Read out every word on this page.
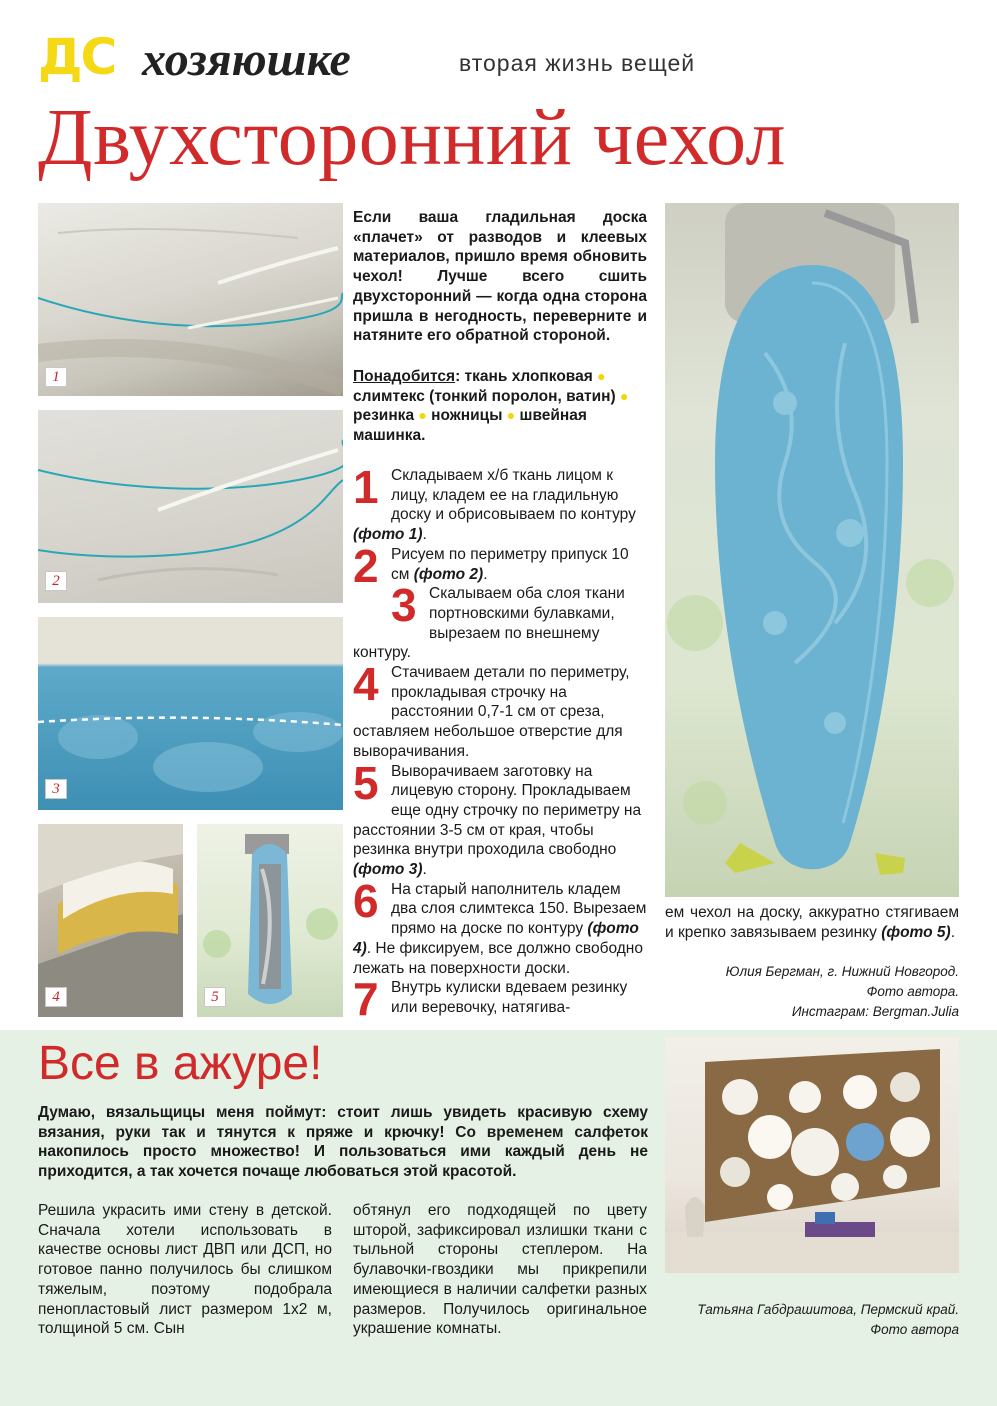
ДС хозяюшке	вторая жизнь вещей
Двухсторонний чехол
1
2
3
4	5
Если ваша гладильная доска «плачет» от разводов и клеевых материалов, пришло время обновить чехол! Лучше всего сшить двухсторонний — когда одна сторона пришла в негодность, переверните и натяните его обратной стороной.
Понадобится: ткань хлопковая ● слимтекс (тонкий поролон, ватин) ● резинка ● ножницы ● швейная машинка.
1 Складываем х/б ткань лицом к лицу, кладем ее на гладильную доску и обрисовываем по контуру (фото 1).
2 Рисуем по периметру припуск 10 см (фото 2).
3 Скалываем оба слоя ткани портновскими булавками, вырезаем по внешнему контуру.
4 Стачиваем детали по периметру, прокладывая строчку на расстоянии 0,7-1 см от среза, оставляем небольшое отверстие для выворачивания.
5 Выворачиваем заготовку на лицевую сторону. Прокладываем еще одну строчку по периметру на расстоянии 3-5 см от края, чтобы резинка внутри проходила свободно (фото 3).
6 На старый наполнитель кладем два слоя слимтекса 150. Вырезаем прямо на доске по контуру (фото 4). Не фиксируем, все должно свободно лежать на поверхности доски.
7 Внутрь кулиски вдеваем резинку или веревочку, натягива-
ем чехол на доску, аккуратно стягиваем и крепко завязываем резинку (фото 5).
Юлия Бергман, г. Нижний Новгород.
Фото автора.
Инстаграм: Bergman.Julia
Все в ажуре!
Думаю, вязальщицы меня поймут: стоит лишь увидеть красивую схему вязания, руки так и тянутся к пряже и крючку! Со временем салфеток накопилось просто множество! И пользоваться ими каждый день не приходится, а так хочется почаще любоваться этой красотой.
Решила украсить ими стену в детской. Сначала хотели использовать в качестве основы лист ДВП или ДСП, но готовое панно получилось бы слишком тяжелым, поэтому подобрала пенопластовый лист размером 1х2 м, толщиной 5 см. Сын
обтянул его подходящей по цвету шторой, зафиксировал излишки ткани с тыльной стороны степлером. На булавочки-гвоздики мы прикрепили имеющиеся в наличии салфетки разных размеров. Получилось оригинальное украшение комнаты.
Татьяна Габдрашитова, Пермский край.
Фото автора
